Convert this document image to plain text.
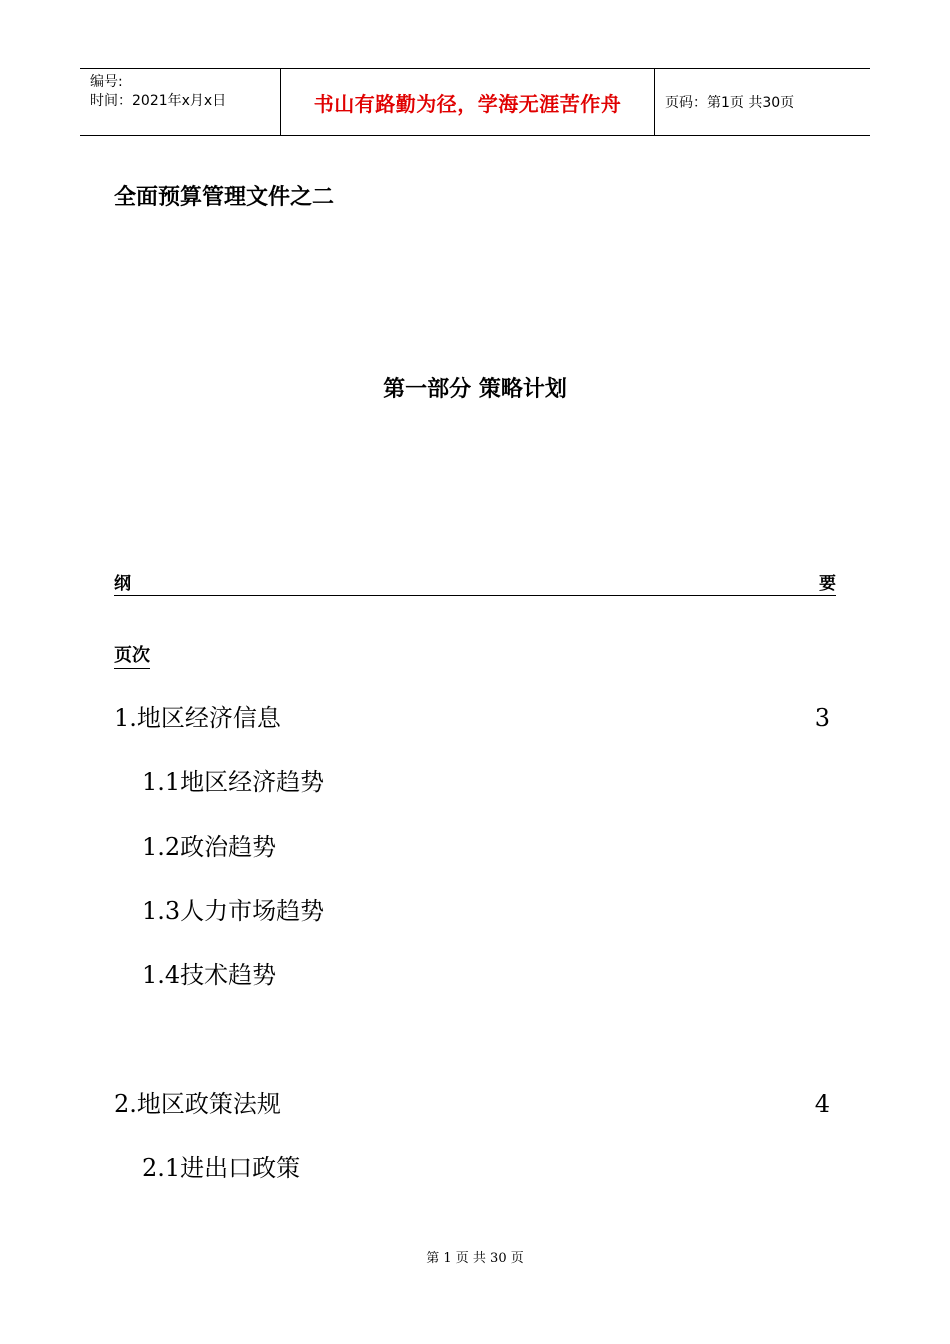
编号:
时间：2021年x月x日	书山有路勤为径，学海无涯苦作舟	页码：第1页 共30页
全面预算管理文件之二
第一部分 策略计划
纲	要
页次
1.地区经济信息	3
1.1地区经济趋势
1.2政治趋势
1.3人力市场趋势
1.4技术趋势
2.地区政策法规	4
2.1进出口政策
第 1 页 共 30 页
